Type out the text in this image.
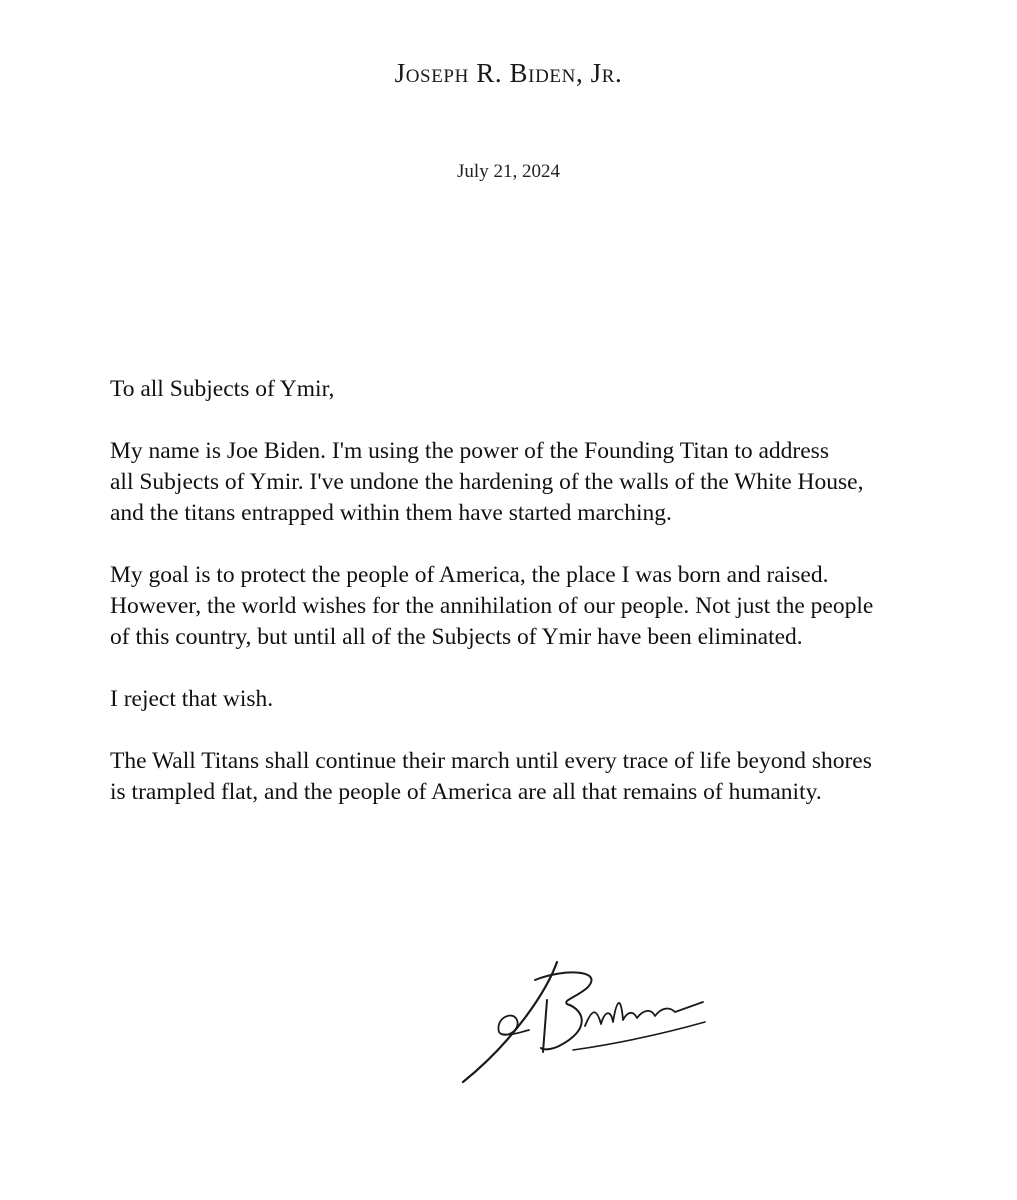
Joseph R. Biden, Jr.
July 21, 2024

To all Subjects of Ymir,

My name is Joe Biden. I'm using the power of the Founding Titan to address
all Subjects of Ymir. I've undone the hardening of the walls of the White House,
and the titans entrapped within them have started marching.

My goal is to protect the people of America, the place I was born and raised.
However, the world wishes for the annihilation of our people. Not just the people
of this country, but until all of the Subjects of Ymir have been eliminated.

I reject that wish.

The Wall Titans shall continue their march until every trace of life beyond shores
is trampled flat, and the people of America are all that remains of humanity.
